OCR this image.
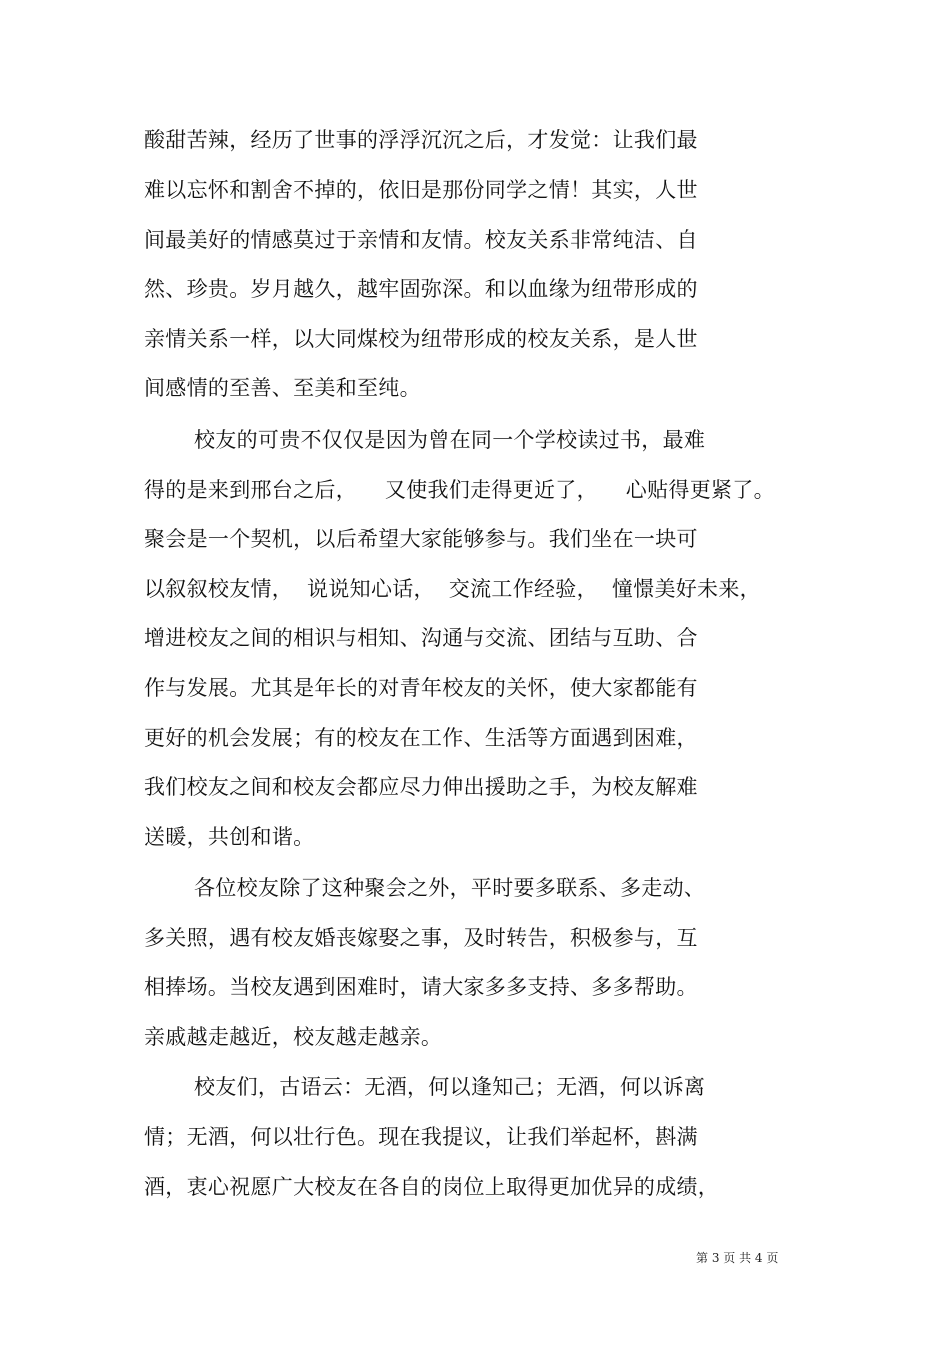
酸甜苦辣，经历了世事的浮浮沉沉之后，才发觉：让我们最
难以忘怀和割舍不掉的，依旧是那份同学之情！其实，人世
间最美好的情感莫过于亲情和友情。校友关系非常纯洁、自
然、珍贵。岁月越久，越牢固弥深。和以血缘为纽带形成的
亲情关系一样，以大同煤校为纽带形成的校友关系，是人世
间感情的至善、至美和至纯。
校友的可贵不仅仅是因为曾在同一个学校读过书，最难
得的是来到邢台之后，    又使我们走得更近了，    心贴得更紧了。
聚会是一个契机，以后希望大家能够参与。我们坐在一块可
以叙叙校友情，  说说知心话，  交流工作经验，  憧憬美好未来，
增进校友之间的相识与相知、沟通与交流、团结与互助、合
作与发展。尤其是年长的对青年校友的关怀，使大家都能有
更好的机会发展；有的校友在工作、生活等方面遇到困难，
我们校友之间和校友会都应尽力伸出援助之手，为校友解难
送暖，共创和谐。
各位校友除了这种聚会之外，平时要多联系、多走动、
多关照，遇有校友婚丧嫁娶之事，及时转告，积极参与，互
相捧场。当校友遇到困难时，请大家多多支持、多多帮助。
亲戚越走越近，校友越走越亲。
校友们，古语云：无酒，何以逢知己；无酒，何以诉离
情；无酒，何以壮行色。现在我提议，让我们举起杯，斟满
酒，衷心祝愿广大校友在各自的岗位上取得更加优异的成绩，
第 3 页 共 4 页
